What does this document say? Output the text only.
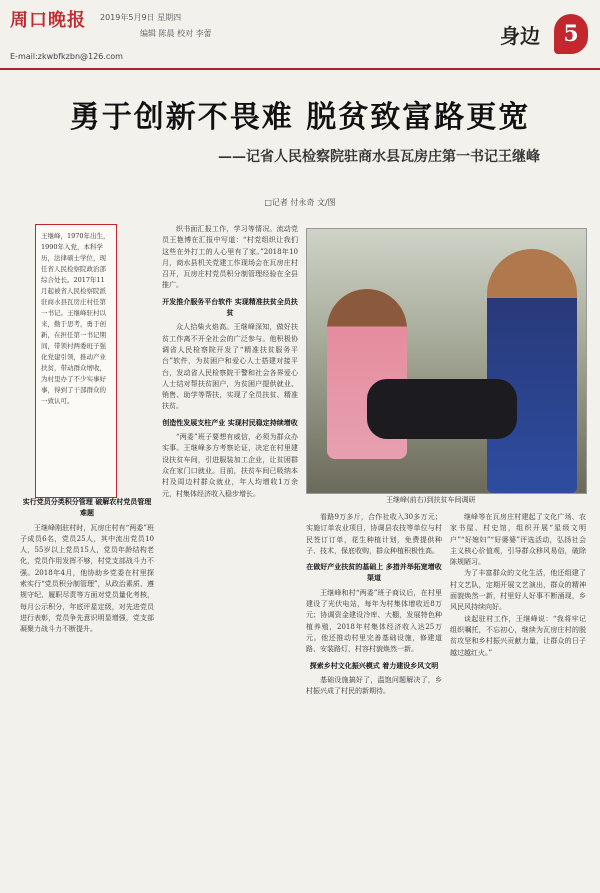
周口晚报
E-mail:zkwbfkzbn@126.com
2019年5月9日 星期四
编辑 陈晨 校对 李蕾	身边	5
勇于创新不畏难 脱贫致富路更宽
——记省人民检察院驻商水县瓦房庄第一书记王继峰
□记者 付永奇 文/图
王继峰，1970年出生，1990年入党，本科学历，法律硕士学位，现任省人民检察院政治部综合处长。2017年11月起被省人民检察院派驻商水县瓦房庄村任第一书记。王继峰驻村以来，勤于思考，勇于创新，在担任第一书记期间，带领村两委班子强化党建引领，推动产业扶贫，带动群众增收，为村里办了不少实事好事，得到了干部群众的一致认可。

实行党员分类积分管理 破解农村党员管理难题

王继峰刚驻村时，瓦房庄村有“两委”班子成员6名，党员25人，其中流出党员10人，55岁以上党员15人，党员年龄结构老化，党员作用发挥不够，村党支部战斗力不强。2018年4月，他协助乡党委在村里探索实行“党员积分制管理”，从政治素质、遵规守纪、履职尽责等方面对党员量化考核，每月公示积分，年底评星定级，对先进党员进行表彰，党员争先意识明显增强，党支部凝聚力战斗力不断提升。

织书面汇报工作，学习等情况。流动党员王艳博在汇报中写道：“村党组织让我们这些在外打工的人心里有了家。”2018年10月，商水县机关党建工作现场会在瓦房庄村召开，瓦房庄村党员积分制管理经验在全县推广。

开发推介服务平台软件 实现精准扶贫全员扶贫

众人拾柴火焰高。王继峰深知，做好扶贫工作离不开全社会的广泛参与。他积极协调省人民检察院开发了“精准扶贫服务平台”软件，为贫困户和爱心人士搭建对接平台，发动省人民检察院干警和社会各界爱心人士结对帮扶贫困户，为贫困户提供就业、销售、助学等帮扶，实现了全员扶贫、精准扶贫。

创造性发展支柱产业 实现村民稳定持续增收

“两委”班子要想有威信，必须为群众办实事。王继峰多方考察论证，决定在村里建设扶贫车间，引进服装加工企业，让贫困群众在家门口就业。目前，扶贫车间已吸纳本村及周边村群众就业，年人均增收1万余元，村集体经济收入稳步增长。

王继峰(前右)到扶贫车间调研

看路9万多斤，合作社收入30多万元；实施订单农业项目，协调县农技等单位与村民签订订单，花生种植计划，免费提供种子、技术，保底收购，群众种植积极性高。

在做好产业扶贫的基础上 多措并举拓宽增收渠道

王继峰和村“两委”班子商议后，在村里建设了光伏电站，每年为村集体增收近8万元；协调资金建设冷库、大棚，发展特色种植养殖，2018年村集体经济收入达25万元。他还推动村里完善基础设施，修建道路、安装路灯，村容村貌焕然一新。

探索乡村文化振兴模式 着力建设乡风文明

基础设施搞好了，温饱问题解决了，乡村振兴成了村民的新期待。

继峰等在瓦房庄村建起了文化广场、农家书屋、村史馆，组织开展“星级文明户”“好媳妇”“好婆婆”评选活动，弘扬社会主义核心价值观，引导群众移风易俗，破除陈规陋习。

为了丰富群众的文化生活，他还组建了村文艺队，定期开展文艺演出，群众的精神面貌焕然一新，村里好人好事不断涌现，乡风民风持续向好。

谈起驻村工作，王继峰说：“我将牢记组织嘱托，不忘初心，继续为瓦房庄村的脱贫攻坚和乡村振兴贡献力量，让群众的日子越过越红火。”
